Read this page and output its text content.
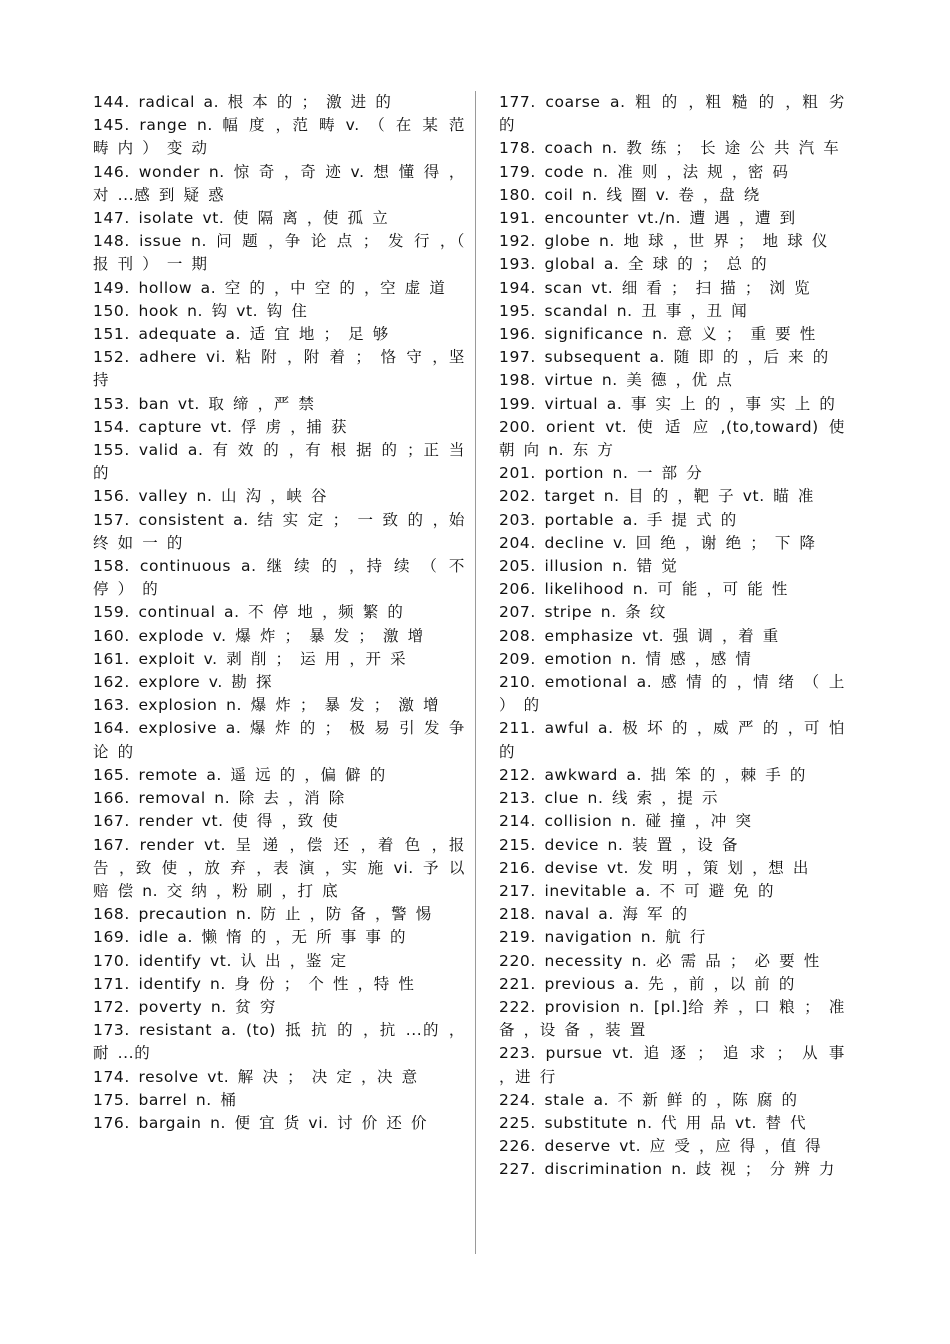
144. radical a. 根 本 的 ； 激 进 的

145. range n. 幅 度 ，范 畴 v. （ 在 某 范 畴 内 ） 变 动

146. wonder n. 惊 奇 ，奇 迹 v. 想 懂 得 ，对 ...感 到 疑 惑

147. isolate vt. 使 隔 离 ，使 孤 立

148. issue n. 问 题 ，争 论 点 ； 发 行 ，（ 报 刊 ） 一 期

149. hollow a. 空 的 ，中 空 的 ，空 虚 道

150. hook n. 钩 vt. 钩 住

151. adequate a. 适 宜 地 ； 足 够

152. adhere vi. 粘 附 ，附 着 ； 恪 守 ，坚 持

153. ban vt. 取 缔 ，严 禁

154. capture vt. 俘 虏 ，捕 获

155. valid a. 有 效 的 ，有 根 据 的 ；正 当 的

156. valley n. 山 沟 ，峡 谷

157. consistent a. 结 实 定 ； 一 致 的 ，始 终 如 一 的

158. continuous a. 继 续 的 ，持 续 （ 不 停 ） 的

159. continual a. 不 停 地 ，频 繁 的

160. explode v. 爆 炸 ； 暴 发 ； 激 增

161. exploit v. 剥 削 ； 运 用 ，开 采

162. explore v. 勘 探

163. explosion n. 爆 炸 ； 暴 发 ； 激 增

164. explosive a. 爆 炸 的 ； 极 易 引 发 争 论 的

165. remote a. 遥 远 的 ，偏 僻 的

166. removal n. 除 去 ，消 除

167. render vt. 使 得 ，致 使

167. render vt. 呈 递 ，偿 还 ，着 色 ，报 告 ，致 使 ，放 弃 ，表 演 ，实 施 vi. 予 以 赔 偿 n. 交 纳 ，粉 刷 ，打 底

168. precaution n. 防 止 ，防 备 ，警 惕

169. idle a. 懒 惰 的 ，无 所 事 事 的

170. identify vt. 认 出 ，鉴 定

171. identify n. 身 份 ； 个 性 ，特 性

172. poverty n. 贫 穷

173. resistant a. (to) 抵 抗 的 ，抗 ...的 ，耐 ...的

174. resolve vt. 解 决 ； 决 定 ，决 意

175. barrel n. 桶

176. bargain n. 便 宜 货 vi. 讨 价 还 价

177. coarse a. 粗 的 ，粗 糙 的 ，粗 劣 的

178. coach n. 教 练 ； 长 途 公 共 汽 车

179. code n. 准 则 ，法 规 ，密 码

180. coil n. 线 圈 v. 卷 ，盘 绕

191. encounter vt./n. 遭 遇 ，遭 到

192. globe n. 地 球 ，世 界 ； 地 球 仪

193. global a. 全 球 的 ； 总 的

194. scan vt. 细 看 ； 扫 描 ； 浏 览

195. scandal n. 丑 事 ，丑 闻

196. significance n. 意 义 ； 重 要 性

197. subsequent a. 随 即 的 ，后 来 的

198. virtue n. 美 德 ，优 点

199. virtual a. 事 实 上 的 ，事 实 上 的

200. orient vt. 使 适 应 ,(to,toward) 使 朝 向 n. 东 方

201. portion n. 一 部 分

202. target n. 目 的 ，靶 子 vt. 瞄 准

203. portable a. 手 提 式 的

204. decline v. 回 绝 ，谢 绝 ； 下 降

205. illusion n. 错 觉

206. likelihood n. 可 能 ，可 能 性

207. stripe n. 条 纹

208. emphasize vt. 强 调 ，着 重

209. emotion n. 情 感 ，感 情

210. emotional a. 感 情 的 ，情 绪 （ 上 ） 的

211. awful a. 极 坏 的 ，威 严 的 ，可 怕 的

212. awkward a. 拙 笨 的 ，棘 手 的

213. clue n. 线 索 ，提 示

214. collision n. 碰 撞 ，冲 突

215. device n. 装 置 ，设 备

216. devise vt. 发 明 ，策 划 ，想 出

217. inevitable a. 不 可 避 免 的

218. naval a. 海 军 的

219. navigation n. 航 行

220. necessity n. 必 需 品 ； 必 要 性

221. previous a. 先 ，前 ，以 前 的

222. provision n. [pl.]给 养 ，口 粮 ； 准 备 ，设 备 ，装 置

223. pursue vt. 追 逐 ； 追 求 ； 从 事 ，进 行

224. stale a. 不 新 鲜 的 ，陈 腐 的

225. substitute n. 代 用 品 vt. 替 代

226. deserve vt. 应 受 ，应 得 ，值 得

227. discrimination n. 歧 视 ； 分 辨 力
